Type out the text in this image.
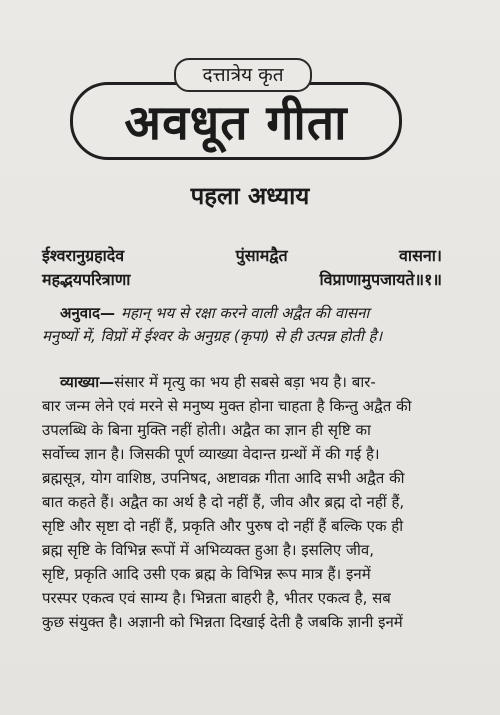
दत्तात्रेय कृत
अवधूत गीता
पहला अध्याय
ईश्वरानुग्रहादेव	पुंसामद्वैत	वासना।
महद्भयपरित्राणा	विप्राणामुपजायते॥१॥
अनुवाद — महान् भय से रक्षा करने वाली अद्वैत की वासना
मनुष्यों में, विप्रों में ईश्वर के अनुग्रह (कृपा) से ही उत्पन्न होती है।
व्याख्या — संसार में मृत्यु का भय ही सबसे बड़ा भय है। बार-
बार जन्म लेने एवं मरने से मनुष्य मुक्त होना चाहता है किन्तु अद्वैत की
उपलब्धि के बिना मुक्ति नहीं होती। अद्वैत का ज्ञान ही सृष्टि का
सर्वोच्च ज्ञान है। जिसकी पूर्ण व्याख्या वेदान्त ग्रन्थों में की गई है।
ब्रह्मसूत्र, योग वाशिष्ठ, उपनिषद, अष्टावक्र गीता आदि सभी अद्वैत की
बात कहते हैं। अद्वैत का अर्थ है दो नहीं हैं, जीव और ब्रह्म दो नहीं हैं,
सृष्टि और सृष्टा दो नहीं हैं, प्रकृति और पुरुष दो नहीं हैं बल्कि एक ही
ब्रह्म सृष्टि के विभिन्न रूपों में अभिव्यक्त हुआ है। इसलिए जीव,
सृष्टि, प्रकृति आदि उसी एक ब्रह्म के विभिन्न रूप मात्र हैं। इनमें
परस्पर एकत्व एवं साम्य है। भिन्नता बाहरी है, भीतर एकत्व है, सब
कुछ संयुक्त है। अज्ञानी को भिन्नता दिखाई देती है जबकि ज्ञानी इनमें
